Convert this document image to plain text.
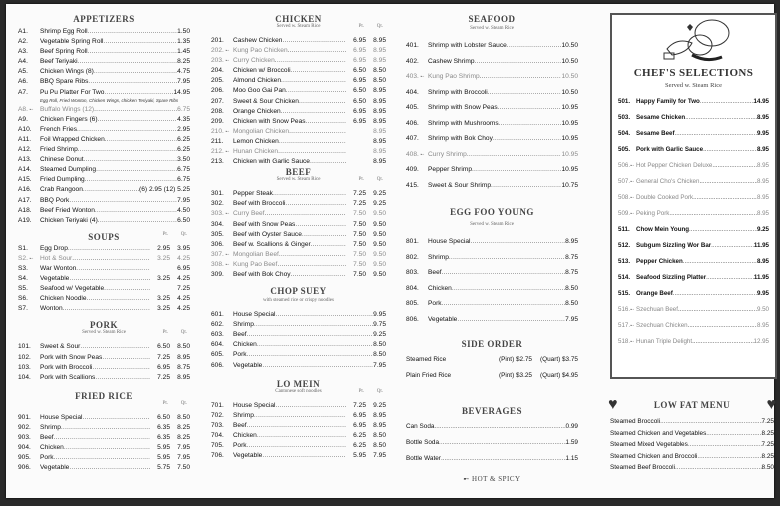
APPETIZERS
A1.	Shrimp Egg Roll .....	1.50
A2.	Vegetable Spring Roll .....	1.35
A3.	Beef Spring Roll .....	1.45
A4.	Beef Teriyaki .....	8.25
A5.	Chicken Wings (8) .....	4.75
A6.	BBQ Spare Ribs .....	7.95
A7.	Pu Pu Platter For Two .....	14.95
Egg Roll, Fried Wonton, Chicken Wings, chicken Teriyaki, Spare Ribs
A8. ➸	Buffalo Wings (12) .....	6.75
A9.	Chicken Fingers (6) .....	4.35
A10.	French Fries .....	2.95
A11.	Foil Wrapped Chicken .....	6.25
A12.	Fried Shrimp .....	6.25
A13.	Chinese Donut .....	3.50
A14.	Steamed Dumpling .....	6.75
A15.	Fried Dumpling .....	6.75
A16.	Crab Rangoon .....	(6) 2.95 (12) 5.25
A17.	BBQ Pork .....	7.95
A18.	Beef Fried Wonton .....	4.50
A19.	Chicken Teriyaki (4) .....	6.50
SOUPS	Pt.	Qt.
S1.	Egg Drop .....	2.95	3.95
S2. ➸	Hot & Sour .....	3.25	4.25
S3.	War Wonton .....	6.95
S4.	Vegetable .....	3.25	4.25
S5.	Seafood w/ Vegetable .....	7.25
S6.	Chicken Noodle .....	3.25	4.25
S7.	Wonton .....	3.25	4.25
PORK
Served w. Steam Rice	Pt.	Qt.
101.	Sweet & Sour .....	6.50	8.50
102.	Pork with Snow Peas .....	7.25	8.95
103.	Pork with Broccoli .....	6.95	8.75
104.	Pork with Scallions .....	7.25	8.95
FRIED RICE
Pt.	Qt.
901.	House Special .....	6.50	8.50
902.	Shrimp .....	6.35	8.25
903.	Beef .....	6.35	8.25
904.	Chicken .....	5.95	7.95
905.	Pork .....	5.95	7.95
906.	Vegetable .....	5.75	7.50
CHICKEN
Served w. Steam Rice	Pt.	Qt.
201.	Cashew Chicken .....	6.95	8.95
202. ➸	Kung Pao Chicken .....	6.95	8.95
203. ➸	Curry Chicken .....	6.95	8.95
204.	Chicken w/ Broccoli .....	6.50	8.50
205.	Almond Chicken .....	6.95	8.50
206.	Moo Goo Gai Pan .....	6.50	8.95
207.	Sweet & Sour Chicken .....	6.50	8.95
208.	Orange Chicken .....	6.95	8.95
209.	Chicken with Snow Peas .....	6.95	8.95
210. ➸	Mongolian Chicken .....	8.95
211.	Lemon Chicken .....	8.95
212. ➸	Hunan Chicken .....	8.95
213.	Chicken with Garlic Sauce .....	8.95
BEEF
Served w. Steam Rice	Pt.	Qt.
301.	Pepper Steak .....	7.25	9.25
302.	Beef with Broccoli .....	7.25	9.25
303. ➸	Curry Beef .....	7.50	9.50
304.	Beef with Snow Peas .....	7.50	9.50
305.	Beef with Oyster Sauce .....	7.50	9.50
306.	Beef w. Scallions & Ginger .....	7.50	9.50
307. ➸	Mongolian Beef .....	7.50	9.50
308. ➸	Kung Pao Beef .....	7.50	9.50
309.	Beef with Bok Choy .....	7.50	9.50
CHOP SUEY
with steamed rice or crispy noodles
601.	House Special .....	9.95
602.	Shrimp .....	9.75
603.	Beef .....	9.25
604.	Chicken .....	8.50
605.	Pork .....	8.50
606.	Vegetable .....	7.95
LO MEIN
Cantonese soft noodles	Pt.	Qt.
701.	House Special .....	7.25	9.25
702.	Shrimp .....	6.95	8.95
703.	Beef .....	6.95	8.95
704.	Chicken .....	6.25	8.50
705.	Pork .....	6.25	8.50
706.	Vegetable .....	5.95	7.95
SEAFOOD
Served w. Steam Rice
401.	Shrimp with Lobster Sauce .....	10.50
402.	Cashew Shrimp .....	10.50
403. ➸	Kung Pao Shrimp .....	10.50
404.	Shrimp with Broccoli .....	10.50
405.	Shrimp with Snow Peas .....	10.95
406.	Shrimp with Mushrooms .....	10.95
407.	Shrimp with Bok Choy .....	10.95
408. ➸	Curry Shrimp .....	10.95
409.	Pepper Shrimp .....	10.95
415.	Sweet & Sour Shrimp .....	10.75
EGG FOO YOUNG
Served w. Steam Rice
801.	House Special .....	8.95
802.	Shrimp .....	8.75
803.	Beef .....	8.75
804.	Chicken .....	8.50
805.	Pork .....	8.50
806.	Vegetable .....	7.95
SIDE ORDER
Steamed Rice	(Pint) $2.75 (Quart) $3.75
Plain Fried Rice	(Pint) $3.25 (Quart) $4.95
BEVERAGES
Can Soda .....	0.99
Bottle Soda .....	1.59
Bottle Water .....	1.15
➸ HOT & SPICY
CHEF'S SELECTIONS
Served w. Steam Rice
501. Happy Family for Two .....	14.95
503. Sesame Chicken .....	8.95
504. Sesame Beef .....	9.95
505. Pork with Garlic Sauce .....	8.95
506. ➸ Hot Pepper Chicken Deluxe .....	8.95
507. ➸ General Cho's Chicken .....	8.95
508. ➸ Double Cooked Pork .....	8.95
509. ➸ Peking Pork .....	8.95
511.	Chow Mein Young .....	9.25
512. Subgum Sizzling Wor Bar .....	11.95
513. Pepper Chicken .....	8.95
514. Seafood Sizzling Platter .....	11.95
515. Orange Beef .....	9.95
516. ➸ Szechuan Beef .....	9.50
517. ➸ Szechuan Chicken .....	8.95
518. ➸ Hunan Triple Delight .....	12.95
♥	LOW FAT MENU ♥
Steamed Broccoli .....	7.25
Steamed Chicken and Vegetables .....	8.25
Steamed Mixed Vegetables .....	7.25
Steamed Chicken and Broccoli .....	8.25
Steamed Beef Broccoli .....	8.50
